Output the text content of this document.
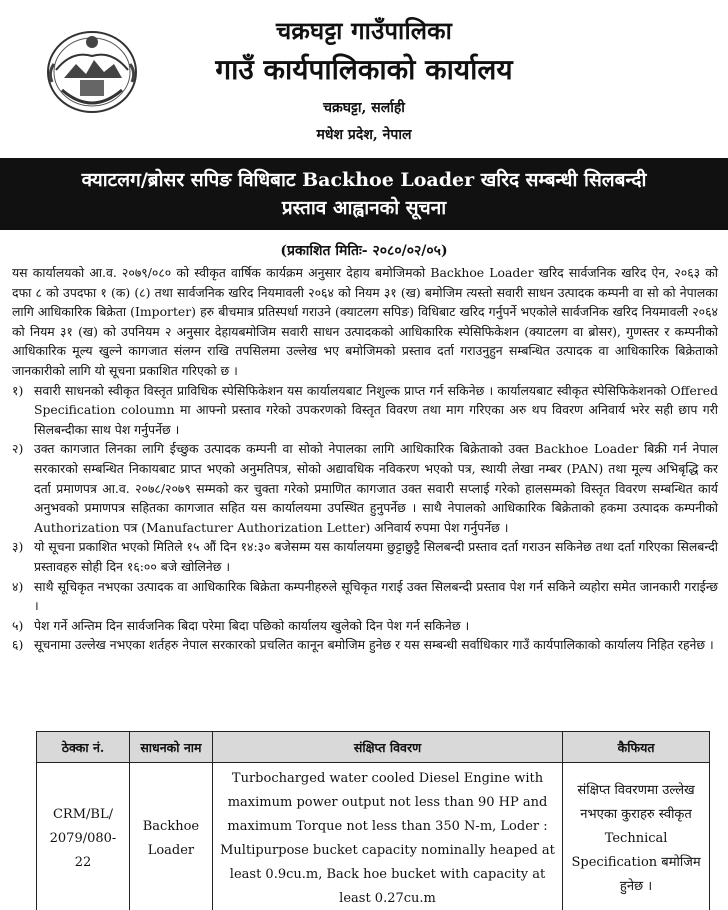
चक्रघट्टा गाउँपालिका
गाउँ कार्यपालिकाको कार्यालय
चक्रघट्टा, सर्लाही
मधेश प्रदेश, नेपाल
क्याटलग/ब्रोसर सपिङ विधिबाट Backhoe Loader खरिद सम्बन्धी सिलबन्दी
प्रस्ताव आह्वानको सूचना
(प्रकाशित मितिः- २०८०/०२/०५)

यस कार्यालयको आ.व. २०७९/०८० को स्वीकृत वार्षिक कार्यक्रम अनुसार देहाय बमोजिमको Backhoe Loader खरिद सार्वजनिक खरिद ऐन, २०६३ को दफा ८ को उपदफा १ (क) (८) तथा सार्वजनिक खरिद नियमावली २०६४ को नियम ३१ (ख) बमोजिम त्यस्तो सवारी साधन उत्पादक कम्पनी वा सो को नेपालका लागि आधिकारिक बिक्रेता (Importer) हरु बीचमात्र प्रतिस्पर्धा गराउने (क्याटलग सपिङ) विधिबाट खरिद गर्नुपर्ने भएकोले सार्वजनिक खरिद नियमावली २०६४ को नियम ३१ (ख) को उपनियम २ अनुसार देहायबमोजिम सवारी साधन उत्पादकको आधिकारिक स्पेसिफिकेशन (क्याटलग वा ब्रोसर), गुणस्तर र कम्पनीको आधिकारिक मूल्य खुल्ने कागजात संलग्न राखि तपसिलमा उल्लेख भए बमोजिमको प्रस्ताव दर्ता गराउनुहुन सम्बन्धित उत्पादक वा आधिकारिक बिक्रेताको जानकारीको लागि यो सूचना प्रकाशित गरिएको छ ।

१) सवारी साधनको स्वीकृत विस्तृत प्राविधिक स्पेसिफिकेशन यस कार्यालयबाट निशुल्क प्राप्त गर्न सकिनेछ । कार्यालयबाट स्वीकृत स्पेसिफिकेशनको Offered Specification coloumn मा आफ्नो प्रस्ताव गरेको उपकरणको विस्तृत विवरण तथा माग गरिएका अरु थप विवरण अनिवार्य भरेर सही छाप गरी सिलबन्दीका साथ पेश गर्नुपर्नेछ ।
२) उक्त कागजात लिनका लागि ईच्छुक उत्पादक कम्पनी वा सोको नेपालका लागि आधिकारिक बिक्रेताको उक्त Backhoe Loader बिक्री गर्न नेपाल सरकारको सम्बन्धित निकायबाट प्राप्त भएको अनुमतिपत्र, सोको अद्यावधिक नविकरण भएको पत्र, स्थायी लेखा नम्बर (PAN) तथा मूल्य अभिबृद्धि कर दर्ता प्रमाणपत्र आ.व. २०७८/२०७९ सम्मको कर चुक्ता गरेको प्रमाणित कागजात उक्त सवारी सप्लाई गरेको हालसम्मको विस्तृत विवरण सम्बन्धित कार्य अनुभवको प्रमाणपत्र सहितका कागजात सहित यस कार्यालयमा उपस्थित हुनुपर्नेछ । साथै नेपालको आधिकारिक बिक्रेताको हकमा उत्पादक कम्पनीको Authorization पत्र (Manufacturer Authorization Letter) अनिवार्य रुपमा पेश गर्नुपर्नेछ ।
३) यो सूचना प्रकाशित भएको मितिले १५ औं दिन १४:३० बजेसम्म यस कार्यालयमा छुट्टाछुट्टै सिलबन्दी प्रस्ताव दर्ता गराउन सकिनेछ तथा दर्ता गरिएका सिलबन्दी प्रस्तावहरु सोही दिन १६:०० बजे खोलिनेछ ।
४) साथै सूचिकृत नभएका उत्पादक वा आधिकारिक बिक्रेता कम्पनीहरुले सूचिकृत गराई उक्त सिलबन्दी प्रस्ताव पेश गर्न सकिने व्यहोरा समेत जानकारी गराईन्छ ।
५) पेश गर्ने अन्तिम दिन सार्वजनिक बिदा परेमा बिदा पछिको कार्यालय खुलेको दिन पेश गर्न सकिनेछ ।
६) सूचनामा उल्लेख नभएका शर्तहरु नेपाल सरकारको प्रचलित कानून बमोजिम हुनेछ र यस सम्बन्धी सर्वाधिकार गाउँ कार्यपालिकाको कार्यालय निहित रहनेछ ।
ठेक्का नं.	साधनको नाम	संक्षिप्त विवरण	कैफियत
CRM/BL/ 2079/080-22	Backhoe Loader	Turbocharged water cooled Diesel Engine with maximum power output not less than 90 HP and maximum Torque not less than 350 N-m, Loder : Multipurpose bucket capacity nominally heaped at least 0.9cu.m, Back hoe bucket with capacity at least 0.27cu.m	संक्षिप्त विवरणमा उल्लेख नभएका कुराहरु स्वीकृत Technical Specification बमोजिम हुनेछ ।
